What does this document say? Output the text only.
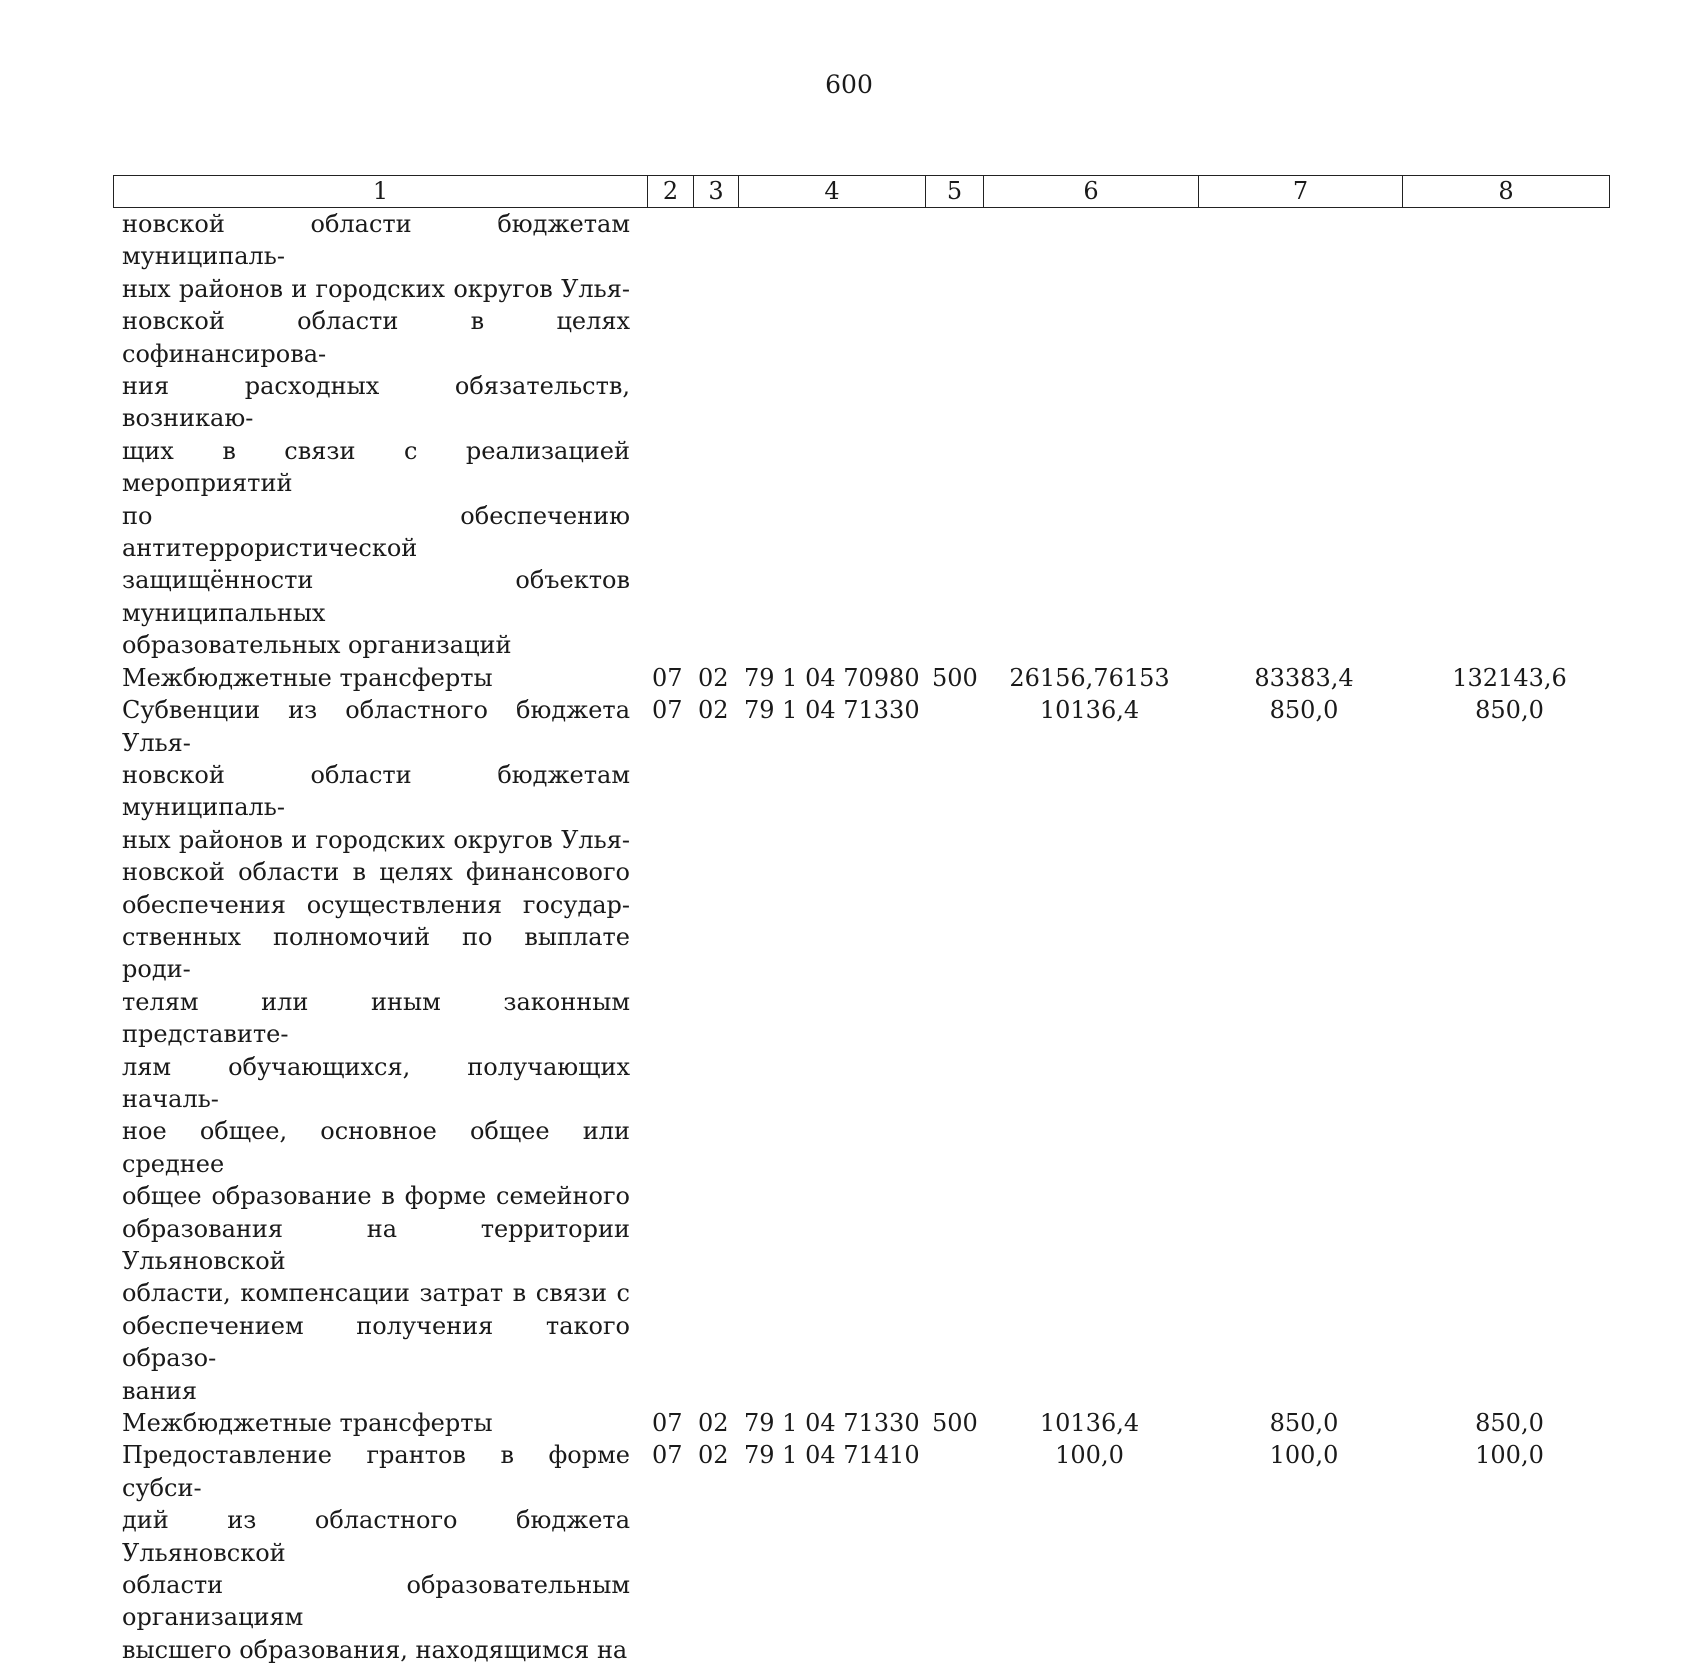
600
1	2	3	4	5	6	7	8
новской области бюджетам муниципаль-
ных районов и городских округов Улья-
новской области в целях софинансирова-
ния расходных обязательств, возникаю-
щих в связи с реализацией мероприятий
по обеспечению антитеррористической
защищённости объектов муниципальных
образовательных организаций
Межбюджетные трансферты	07 02 79 1 04 70980 500	26156,76153	83383,4	132143,6
Субвенции из областного бюджета Улья-
новской области бюджетам муниципаль-
ных районов и городских округов Улья-
новской области в целях финансового
обеспечения осуществления государ-
ственных полномочий по выплате роди-
телям или иным законным представите-
лям обучающихся, получающих началь-
ное общее, основное общее или среднее
общее образование в форме семейного
образования на территории Ульяновской
области, компенсации затрат в связи с
обеспечением получения такого образо-
вания
07 02 79 1 04 71330	10136,4	850,0	850,0
Межбюджетные трансферты	07 02 79 1 04 71330 500	10136,4	850,0	850,0
Предоставление грантов в форме субси-
дий из областного бюджета Ульяновской
области образовательным организациям
высшего образования, находящимся на
07 02 79 1 04 71410	100,0	100,0	100,0
